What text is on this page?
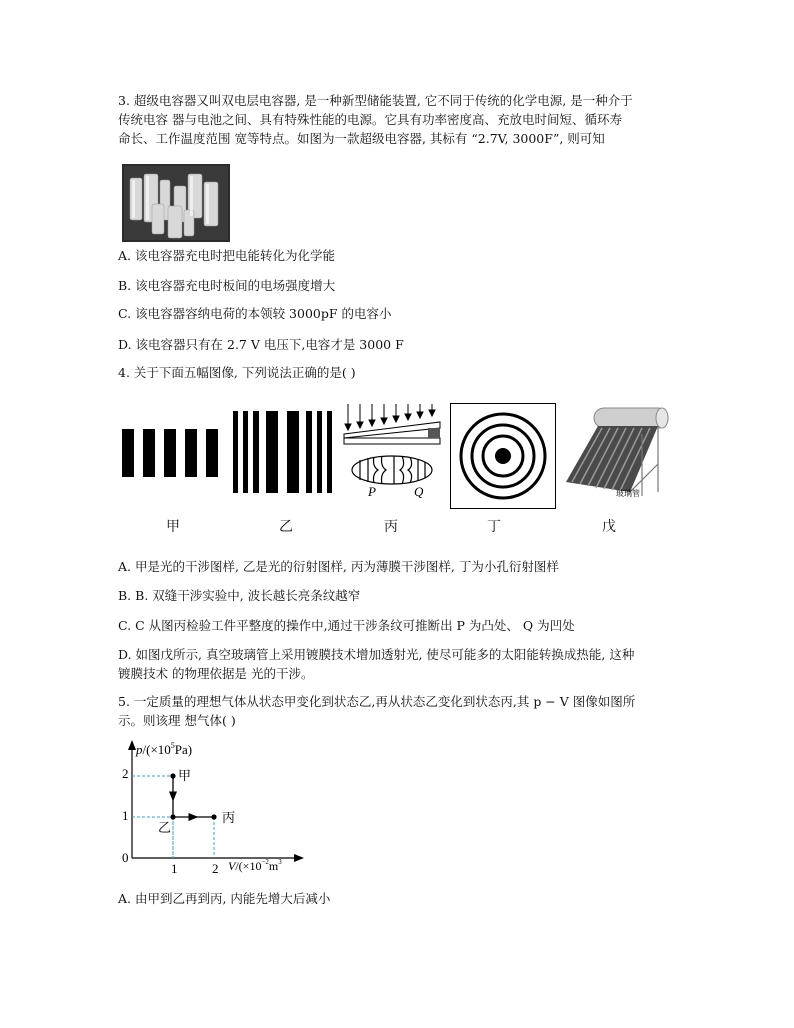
3. 超级电容器又叫双电层电容器, 是一种新型储能装置, 它不同于传统的化学电源, 是一种介于
传统电容 器与电池之间、具有特殊性能的电源。它具有功率密度高、充放电时间短、循环寿
命长、工作温度范围 宽等特点。如图为一款超级电容器, 其标有 “2.7V, 3000F”, 则可知
A. 该电容器充电时把电能转化为化学能
B. 该电容器充电时板间的电场强度增大
C. 该电容器容纳电荷的本领较 3000pF 的电容小
D. 该电容器只有在 2.7 V 电压下,电容才是 3000 F
4. 关于下面五幅图像, 下列说法正确的是( )
P	Q	玻璃管
甲	乙	丙	丁	戊
A. 甲是光的干涉图样, 乙是光的衍射图样, 丙为薄膜干涉图样, 丁为小孔衍射图样
B. B. 双缝干涉实验中, 波长越长亮条纹越窄
C. C 从图丙检验工件平整度的操作中,通过干涉条纹可推断出 P 为凸处、 Q 为凹处
D. 如图戊所示, 真空玻璃管上采用镀膜技术增加透射光, 使尽可能多的太阳能转换成热能, 这种
镀膜技术 的物理依据是 光的干涉。
5. 一定质量的理想气体从状态甲变化到状态乙,再从状态乙变化到状态丙,其 p − V 图像如图所
示。则该理 想气体( )
$p/(\times 10^5Pa)$
$V/(\times 10^{-2}m^3$
0
2
1
1	2
甲
乙
丙
A. 由甲到乙再到丙, 内能先增大后减小
